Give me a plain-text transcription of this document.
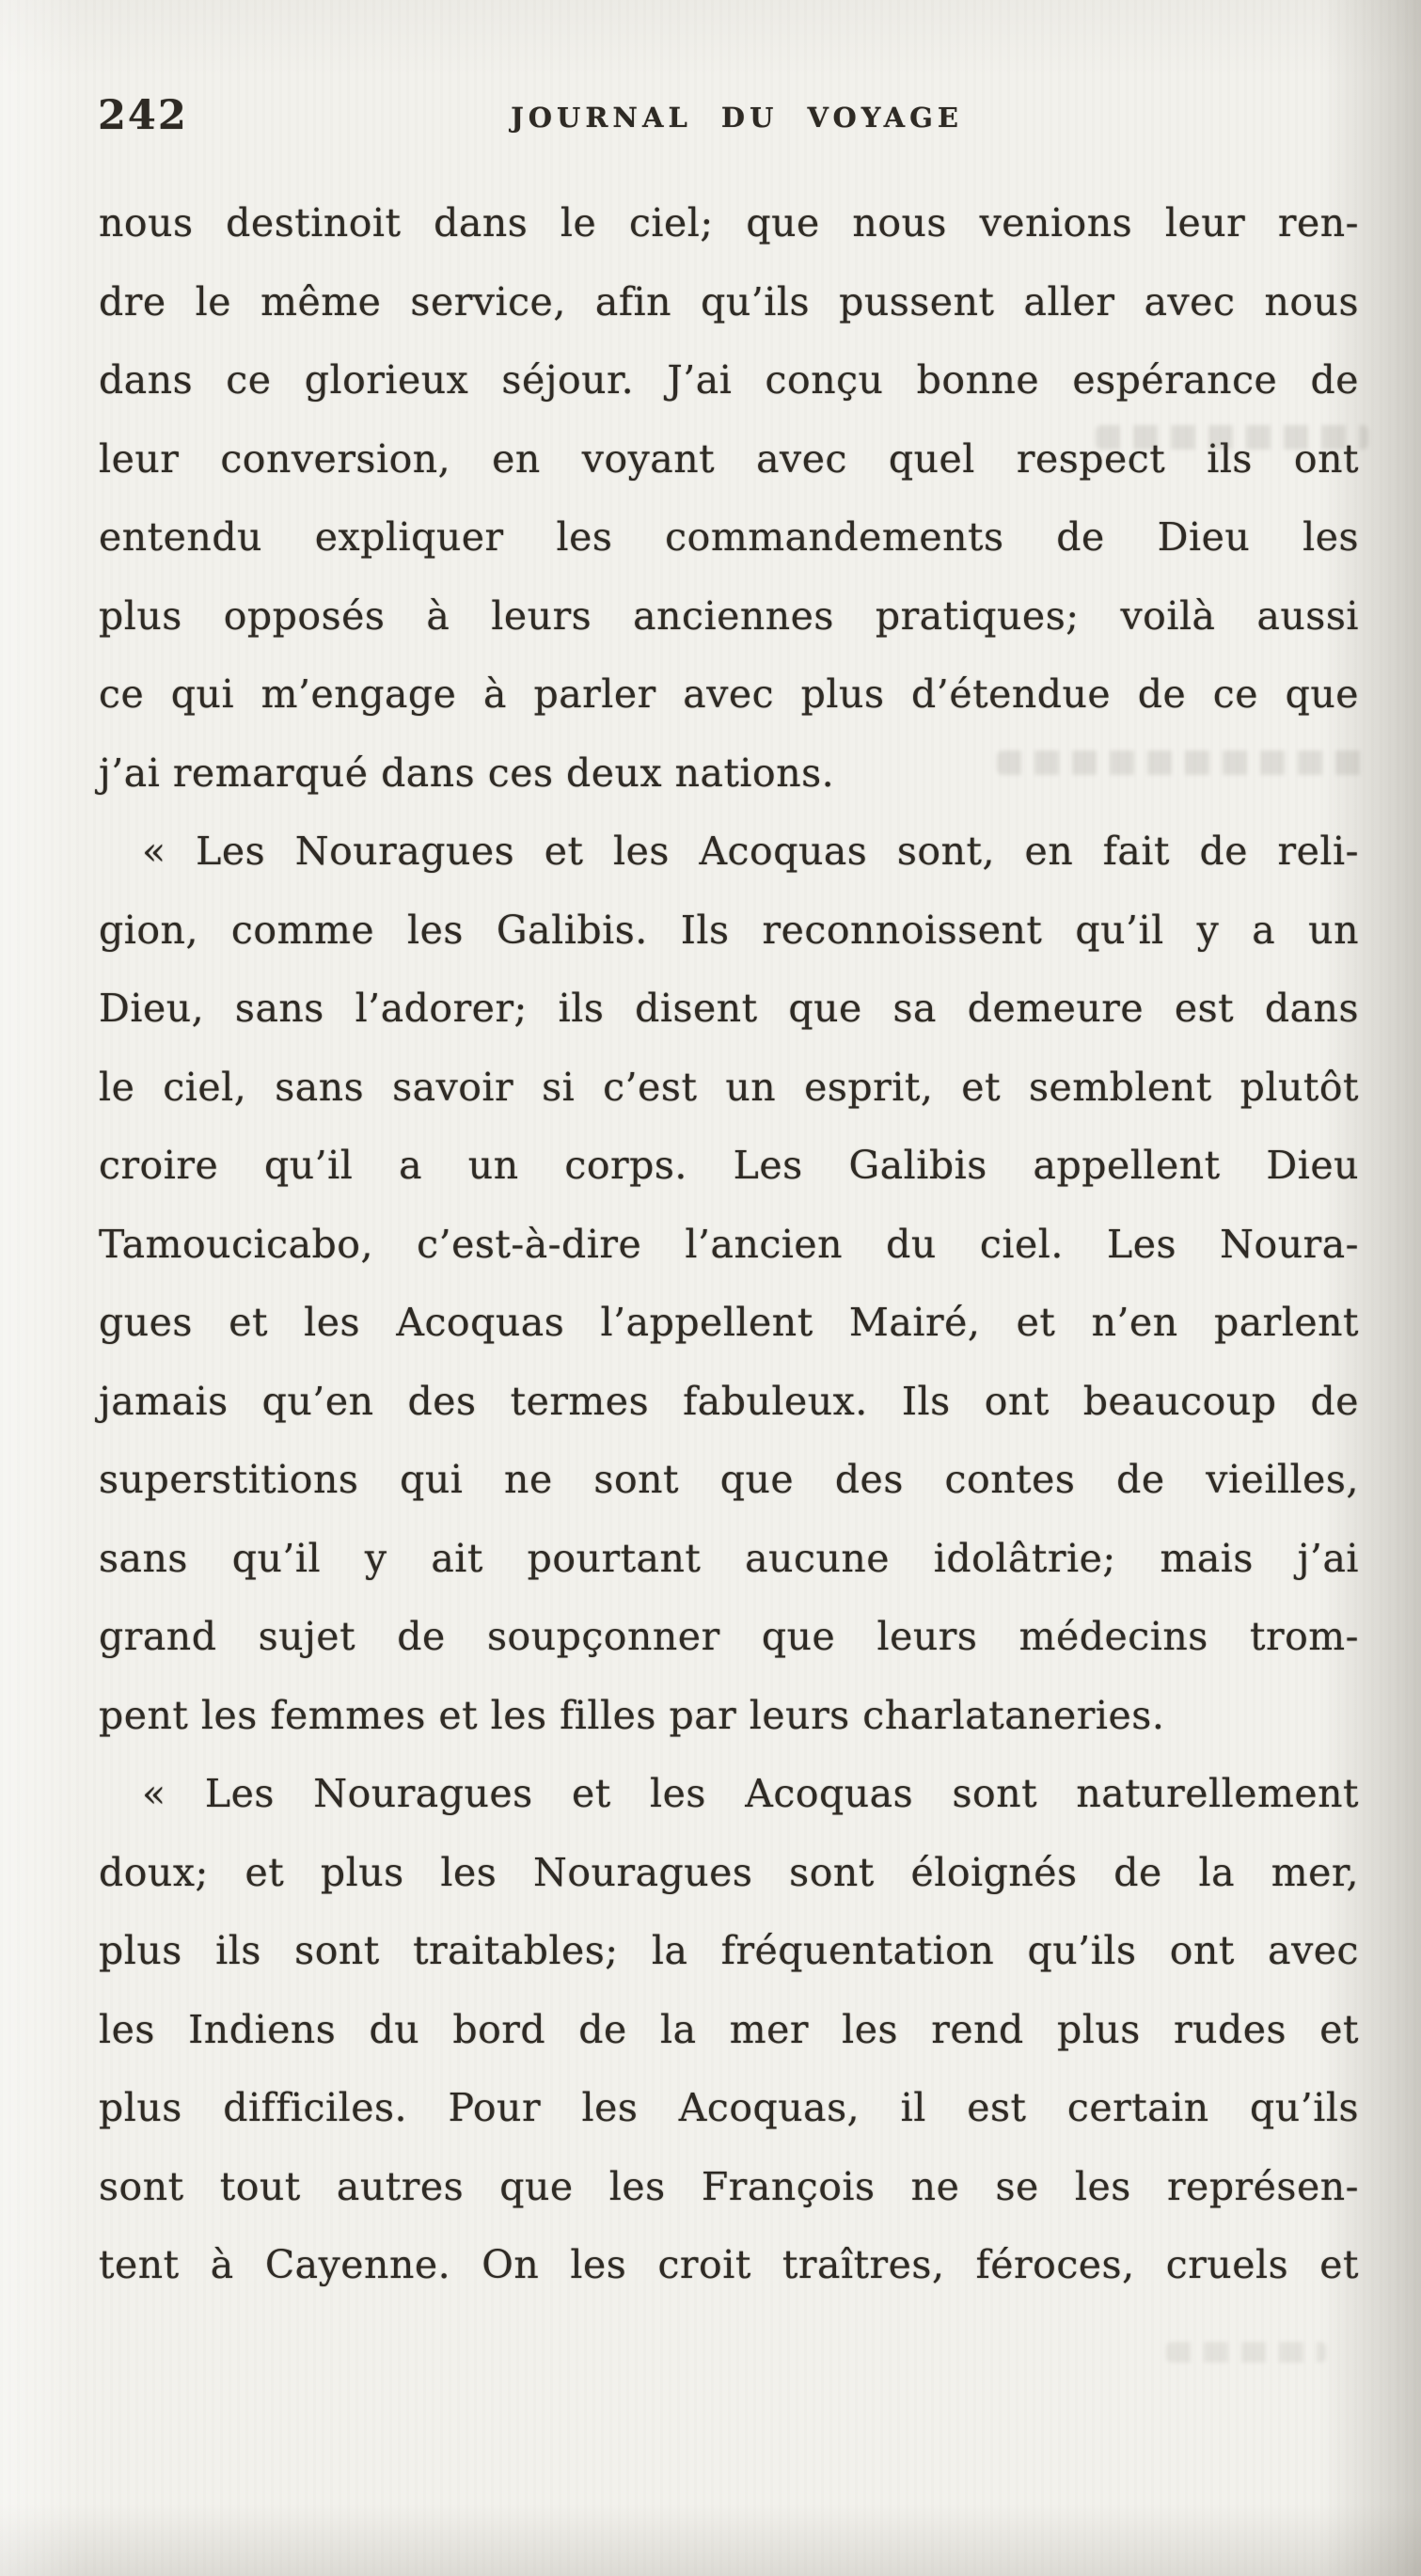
242	JOURNAL DU VOYAGE
nous destinoit dans le ciel; que nous venions leur ren-
dre le même service, afin qu’ils pussent aller avec nous
dans ce glorieux séjour. J’ai conçu bonne espérance de
leur conversion, en voyant avec quel respect ils ont
entendu expliquer les commandements de Dieu les
plus opposés à leurs anciennes pratiques; voilà aussi
ce qui m’engage à parler avec plus d’étendue de ce que
j’ai remarqué dans ces deux nations.
« Les Nouragues et les Acoquas sont, en fait de reli-
gion, comme les Galibis. Ils reconnoissent qu’il y a un
Dieu, sans l’adorer; ils disent que sa demeure est dans
le ciel, sans savoir si c’est un esprit, et semblent plutôt
croire qu’il a un corps. Les Galibis appellent Dieu
Tamoucicabo, c’est-à-dire l’ancien du ciel. Les Noura-
gues et les Acoquas l’appellent Mairé, et n’en parlent
jamais qu’en des termes fabuleux. Ils ont beaucoup de
superstitions qui ne sont que des contes de vieilles,
sans qu’il y ait pourtant aucune idolâtrie; mais j’ai
grand sujet de soupçonner que leurs médecins trom-
pent les femmes et les filles par leurs charlataneries.
« Les Nouragues et les Acoquas sont naturellement
doux; et plus les Nouragues sont éloignés de la mer,
plus ils sont traitables; la fréquentation qu’ils ont avec
les Indiens du bord de la mer les rend plus rudes et
plus difficiles. Pour les Acoquas, il est certain qu’ils
sont tout autres que les François ne se les représen-
tent à Cayenne. On les croit traîtres, féroces, cruels et
